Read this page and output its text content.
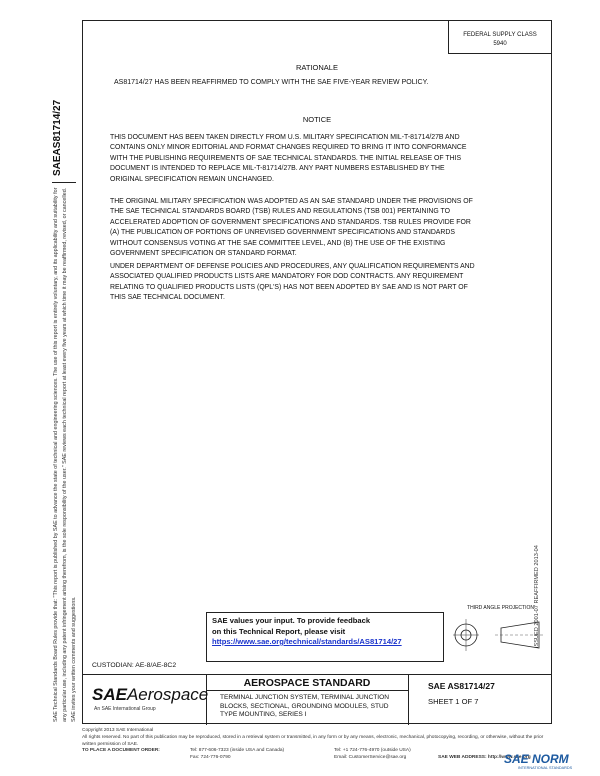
FEDERAL SUPPLY CLASS
5940
RATIONALE
AS81714/27 HAS BEEN REAFFIRMED TO COMPLY WITH THE SAE FIVE-YEAR REVIEW POLICY.
NOTICE
THIS DOCUMENT HAS BEEN TAKEN DIRECTLY FROM U.S. MILITARY SPECIFICATION MIL-T-81714/27B AND
CONTAINS ONLY MINOR EDITORIAL AND FORMAT CHANGES REQUIRED TO BRING IT INTO CONFORMANCE
WITH THE PUBLISHING REQUIREMENTS OF SAE TECHNICAL STANDARDS. THE INITIAL RELEASE OF THIS
DOCUMENT IS INTENDED TO REPLACE MIL-T-81714/27B. ANY PART NUMBERS ESTABLISHED BY THE
ORIGINAL SPECIFICATION REMAIN UNCHANGED.
THE ORIGINAL MILITARY SPECIFICATION WAS ADOPTED AS AN SAE STANDARD UNDER THE PROVISIONS OF
THE SAE TECHNICAL STANDARDS BOARD (TSB) RULES AND REGULATIONS (TSB 001) PERTAINING TO
ACCELERATED ADOPTION OF GOVERNMENT SPECIFICATIONS AND STANDARDS. TSB RULES PROVIDE FOR
(A) THE PUBLICATION OF PORTIONS OF UNREVISED GOVERNMENT SPECIFICATIONS AND STANDARDS
WITHOUT CONSENSUS VOTING AT THE SAE COMMITTEE LEVEL, AND (B) THE USE OF THE EXISTING
GOVERNMENT SPECIFICATION OR STANDARD FORMAT.
UNDER DEPARTMENT OF DEFENSE POLICIES AND PROCEDURES, ANY QUALIFICATION REQUIREMENTS AND
ASSOCIATED QUALIFIED PRODUCTS LISTS ARE MANDATORY FOR DOD CONTRACTS. ANY REQUIREMENT
RELATING TO QUALIFIED PRODUCTS LISTS (QPL'S) HAS NOT BEEN ADOPTED BY SAE AND IS NOT PART OF
THIS SAE TECHNICAL DOCUMENT.
SAEAS81714/27
SAE Technical Standards Board Rules provide that: "This report is published by SAE to advance the state of technical and engineering sciences. The use of this report is entirely voluntary, and its applicability and suitability for any particular use, including any patent infringement arising therefrom, is the sole responsibility of the user." SAE reviews each technical report at least every five years at which time it may be reaffirmed, revised, or cancelled. SAE invites your written comments and suggestions.	ISSUED 2001-07 REAFFIRMED 2013-04
SAE values your input. To provide feedback
on this Technical Report, please visit
https://www.sae.org/technical/standards/AS81714/27
THIRD ANGLE PROJECTION
CUSTODIAN: AE-8/AE-8C2
SAEAerospace
An SAE International Group
AEROSPACE STANDARD
TERMINAL JUNCTION SYSTEM, TERMINAL JUNCTION BLOCKS, SECTIONAL, GROUNDING MODULES, STUD TYPE MOUNTING, SERIES I
SAE AS81714/27
SHEET 1 OF 7
Copyright 2013 SAE International
All rights reserved. No part of this publication may be reproduced, stored in a retrieval system or transmitted, in any form or by any means, electronic, mechanical, photocopying, recording, or otherwise, without the prior written permission of SAE.
TO PLACE A DOCUMENT ORDER:	Tel: 877-606-7323 (inside USA and Canada)	Tel: +1 724-776-4970 (outside USA)
Fax: 724-776-0790	Email: CustomerService@sae.org	SAE WEB ADDRESS: http://www.sae.org
SAE NORM
INTERNATIONAL STANDARDS
